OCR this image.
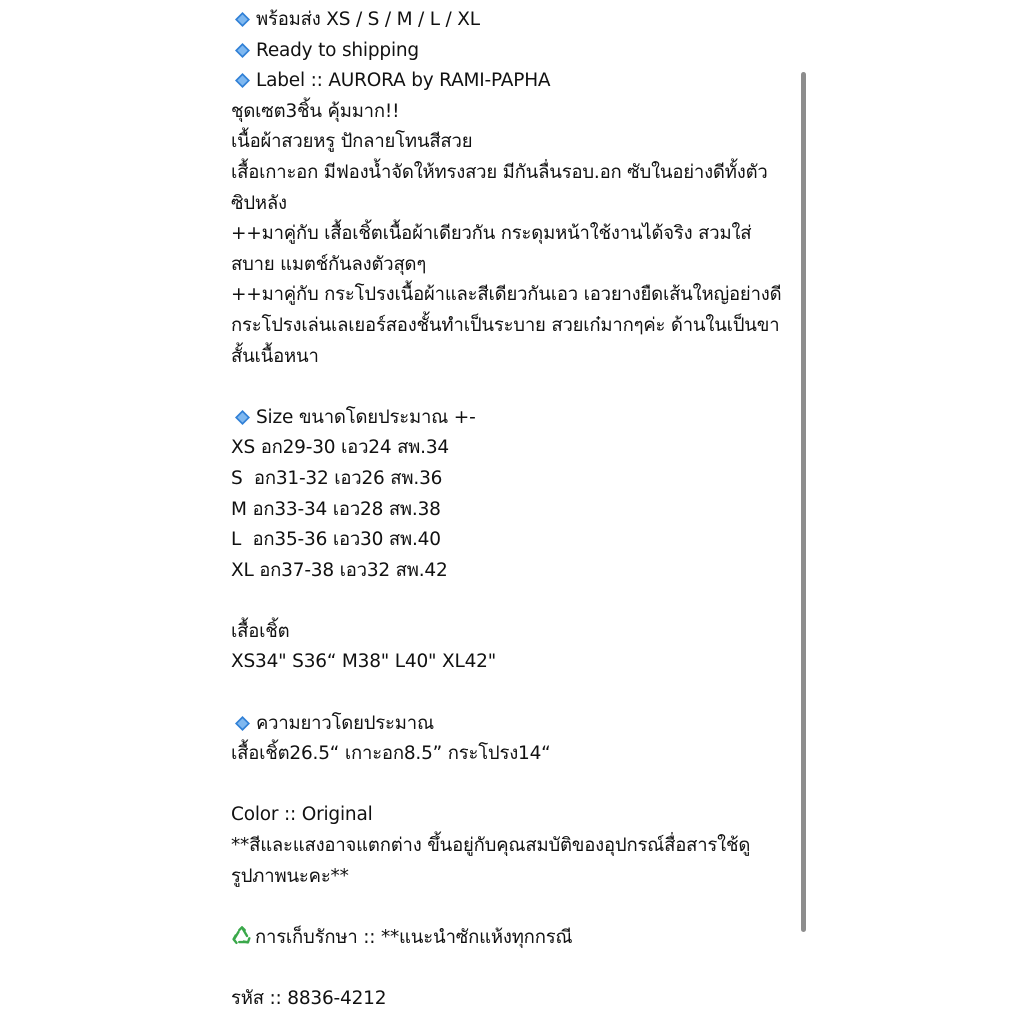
พร้อมส่ง XS / S / M / L / XL
Ready to shipping
Label :: AURORA by RAMI-PAPHA
ชุดเซต3ชิ้น คุ้มมาก!!
เนื้อผ้าสวยหรู ปักลายโทนสีสวย
เสื้อเกาะอก มีฟองน้ำจัดให้ทรงสวย มีกันลื่นรอบ.อก ซับในอย่างดีทั้งตัว
ซิปหลัง
++มาคู่กับ เสื้อเชิ้ตเนื้อผ้าเดียวกัน กระดุมหน้าใช้งานได้จริง สวมใส่
สบาย แมตช์กันลงตัวสุดๆ
++มาคู่กับ กระโปรงเนื้อผ้าและสีเดียวกันเอว เอวยางยืดเส้นใหญ่อย่างดี
กระโปรงเล่นเลเยอร์สองชั้นทำเป็นระบาย สวยเก๋มากๆค่ะ ด้านในเป็นขา
สั้นเนื้อหนา
Size ขนาดโดยประมาณ +-
XS อก29-30 เอว24 สพ.34
S  อก31-32 เอว26 สพ.36
M อก33-34 เอว28 สพ.38
L  อก35-36 เอว30 สพ.40
XL อก37-38 เอว32 สพ.42
เสื้อเชิ้ต
XS34" S36“ M38" L40" XL42"
ความยาวโดยประมาณ
เสื้อเชิ้ต26.5“ เกาะอก8.5” กระโปรง14“
Color :: Original
**สีและแสงอาจแตกต่าง ขึ้นอยู่กับคุณสมบัติของอุปกรณ์สื่อสารใช้ดู
รูปภาพนะคะ**
การเก็บรักษา :: **แนะนำซักแห้งทุกกรณี
รหัส :: 8836-4212
